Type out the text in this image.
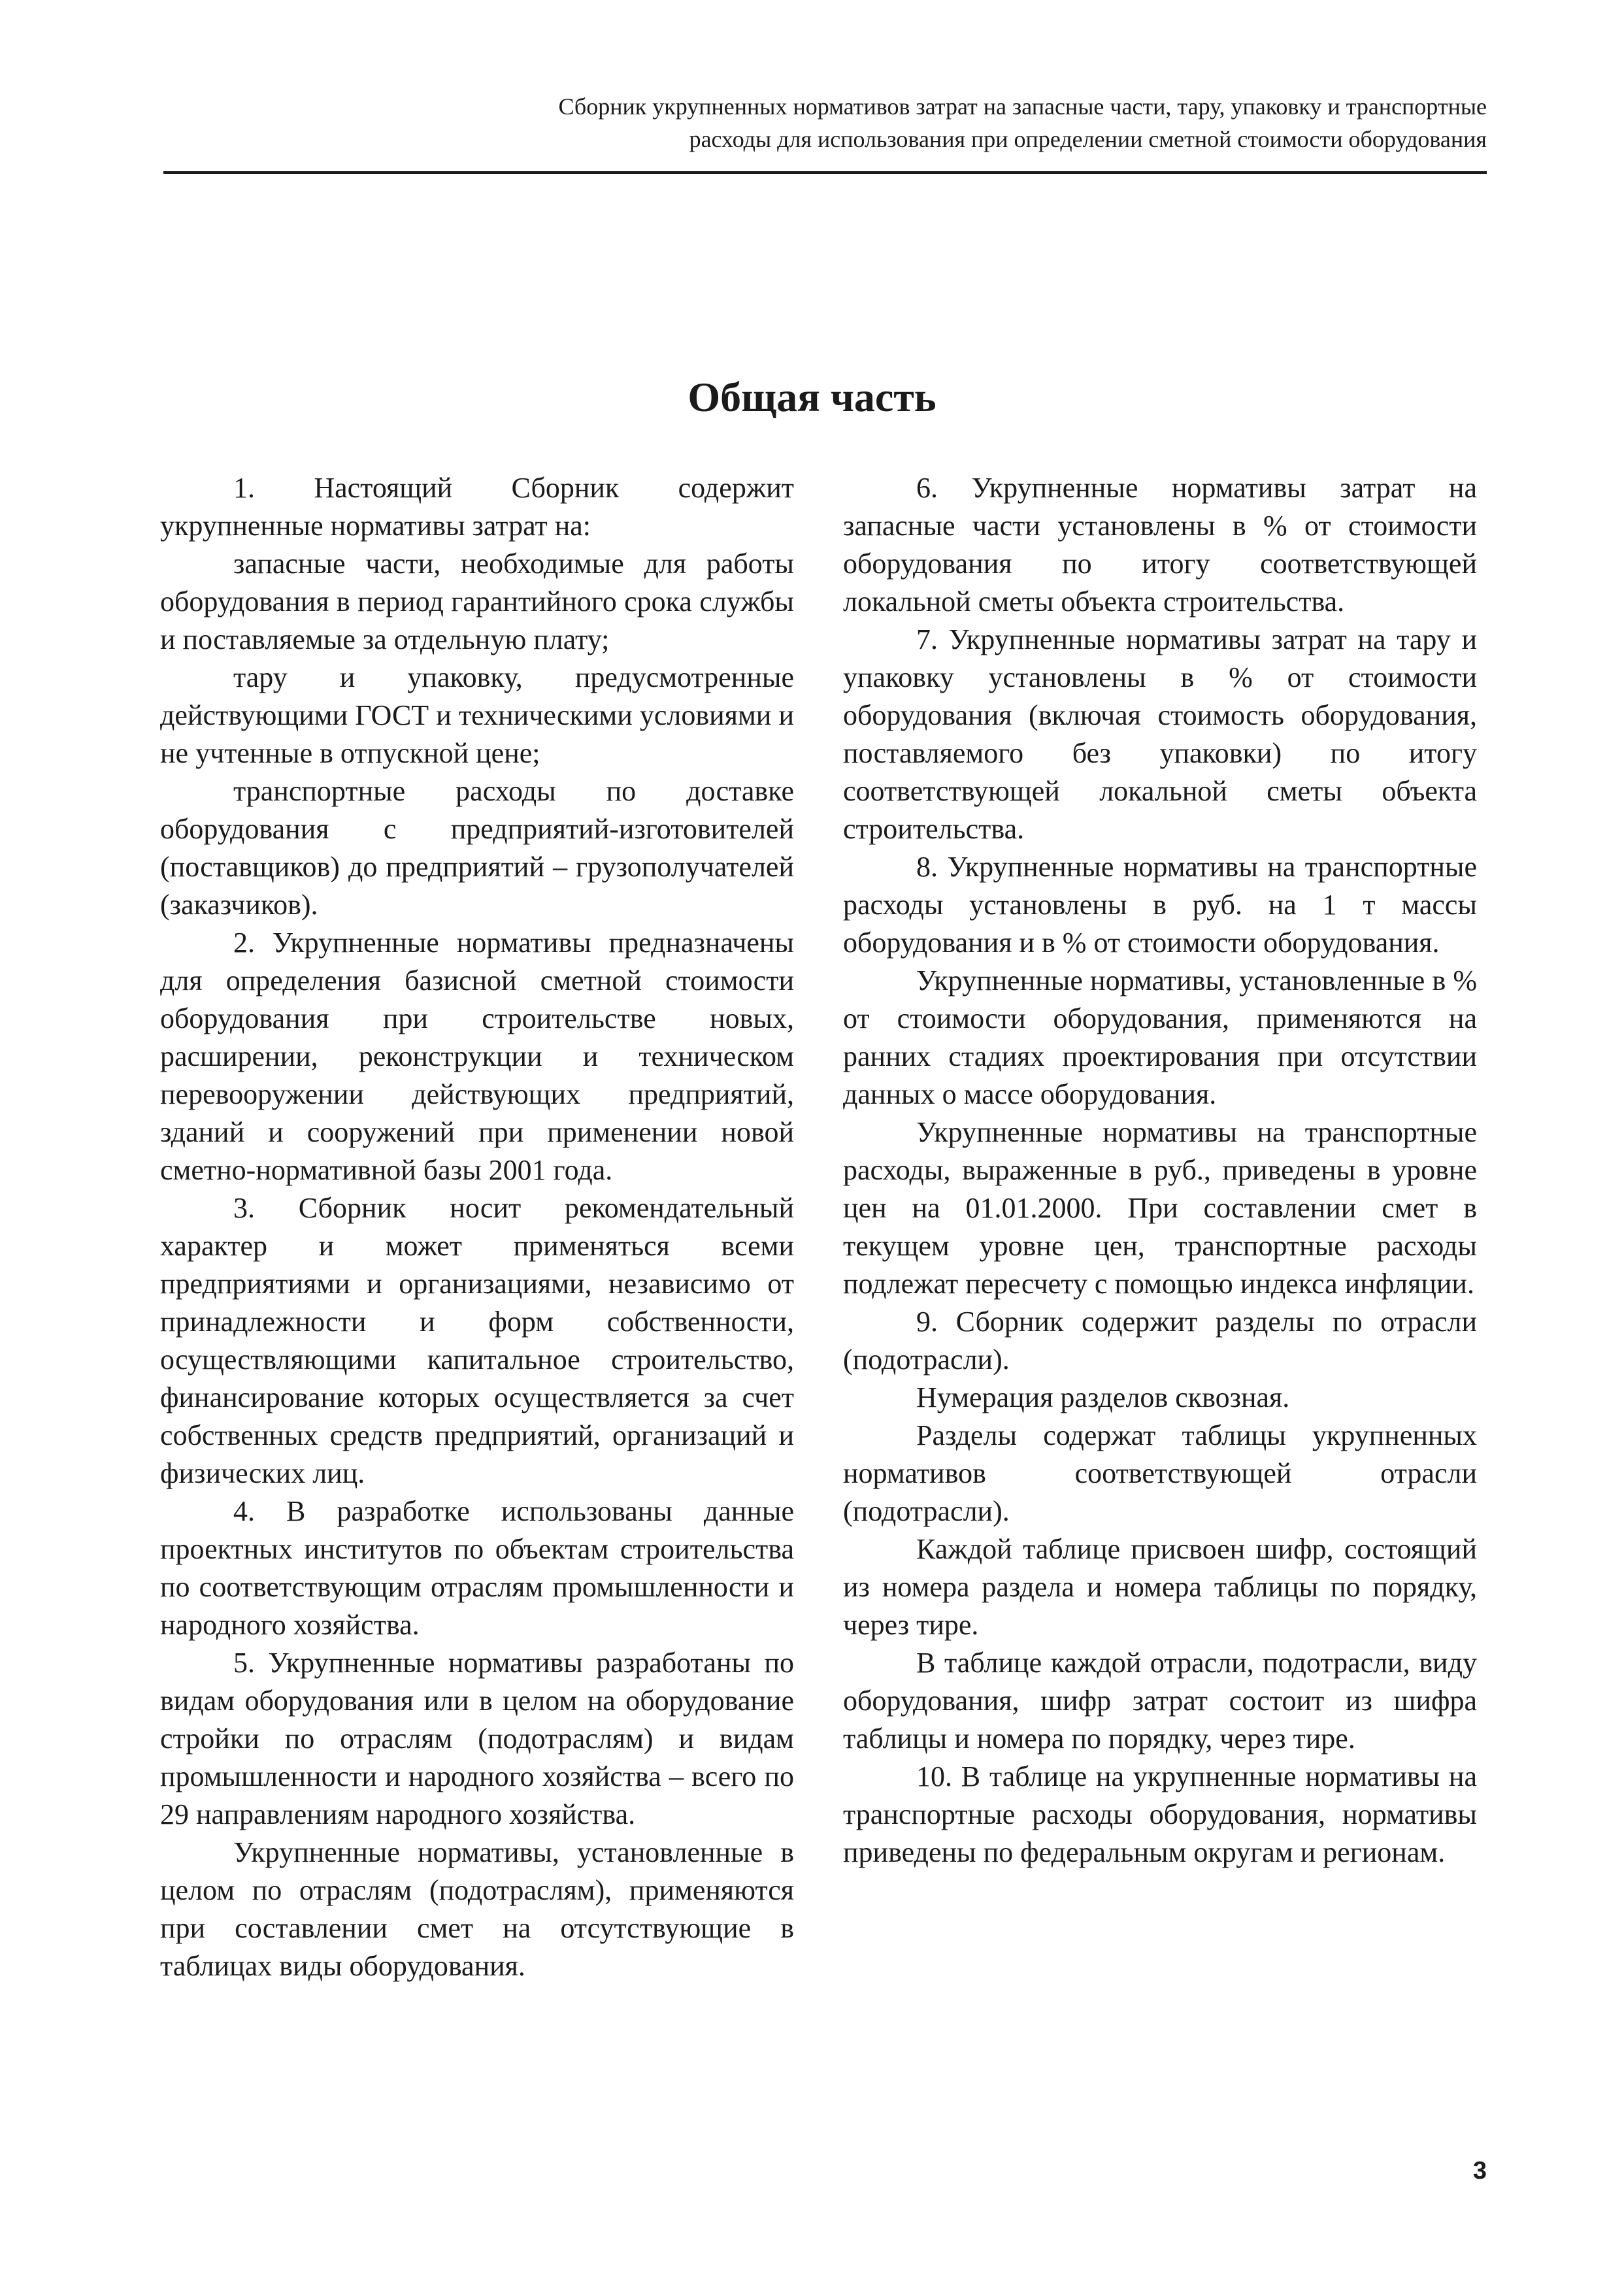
Сборник укрупненных нормативов затрат на запасные части, тару, упаковку и транспортные
расходы для использования при определении сметной стоимости оборудования
Общая часть

1. Настоящий Сборник содержит укрупненные нормативы затрат на:

запасные части, необходимые для работы оборудования в период гарантийного срока службы и поставляемые за отдельную плату;

тару и упаковку, предусмотренные действующими ГОСТ и техническими условиями и не учтенные в отпускной цене;

транспортные расходы по доставке оборудования с предприятий-изготовителей (поставщиков) до предприятий – грузополучателей (заказчиков).

2. Укрупненные нормативы предназначены для определения базисной сметной стоимости оборудования при строительстве новых, расширении, реконструкции и техническом перевооружении действующих предприятий, зданий и сооружений при применении новой сметно-нормативной базы 2001 года.

3. Сборник носит рекомендательный характер и может применяться всеми предприятиями и организациями, независимо от принадлежности и форм собственности, осуществляющими капитальное строительство, финансирование которых осуществляется за счет собственных средств предприятий, организаций и физических лиц.

4. В разработке использованы данные проектных институтов по объектам строительства по соответствующим отраслям промышленности и народного хозяйства.

5. Укрупненные нормативы разработаны по видам оборудования или в целом на оборудование стройки по отраслям (подотраслям) и видам промышленности и народного хозяйства – всего по 29 направлениям народного хозяйства.

Укрупненные нормативы, установленные в целом по отраслям (подотраслям), применяются при составлении смет на отсутствующие в таблицах виды оборудования.

6. Укрупненные нормативы затрат на запасные части установлены в % от стоимости оборудования по итогу соответствующей локальной сметы объекта строительства.

7. Укрупненные нормативы затрат на тару и упаковку установлены в % от стоимости оборудования (включая стоимость оборудования, поставляемого без упаковки) по итогу соответствующей локальной сметы объекта строительства.

8. Укрупненные нормативы на транспортные расходы установлены в руб. на 1 т массы оборудования и в % от стоимости оборудования.

Укрупненные нормативы, установленные в % от стоимости оборудования, применяются на ранних стадиях проектирования при отсутствии данных о массе оборудования.

Укрупненные нормативы на транспортные расходы, выраженные в руб., приведены в уровне цен на 01.01.2000. При составлении смет в текущем уровне цен, транспортные расходы подлежат пересчету с помощью индекса инфляции.

9. Сборник содержит разделы по отрасли (подотрасли).

Нумерация разделов сквозная.

Разделы содержат таблицы укрупненных нормативов соответствующей отрасли (подотрасли).

Каждой таблице присвоен шифр, состоящий из номера раздела и номера таблицы по порядку, через тире.

В таблице каждой отрасли, подотрасли, виду оборудования, шифр затрат состоит из шифра таблицы и номера по порядку, через тире.

10. В таблице на укрупненные нормативы на транспортные расходы оборудования, нормативы приведены по федеральным округам и регионам.

3
